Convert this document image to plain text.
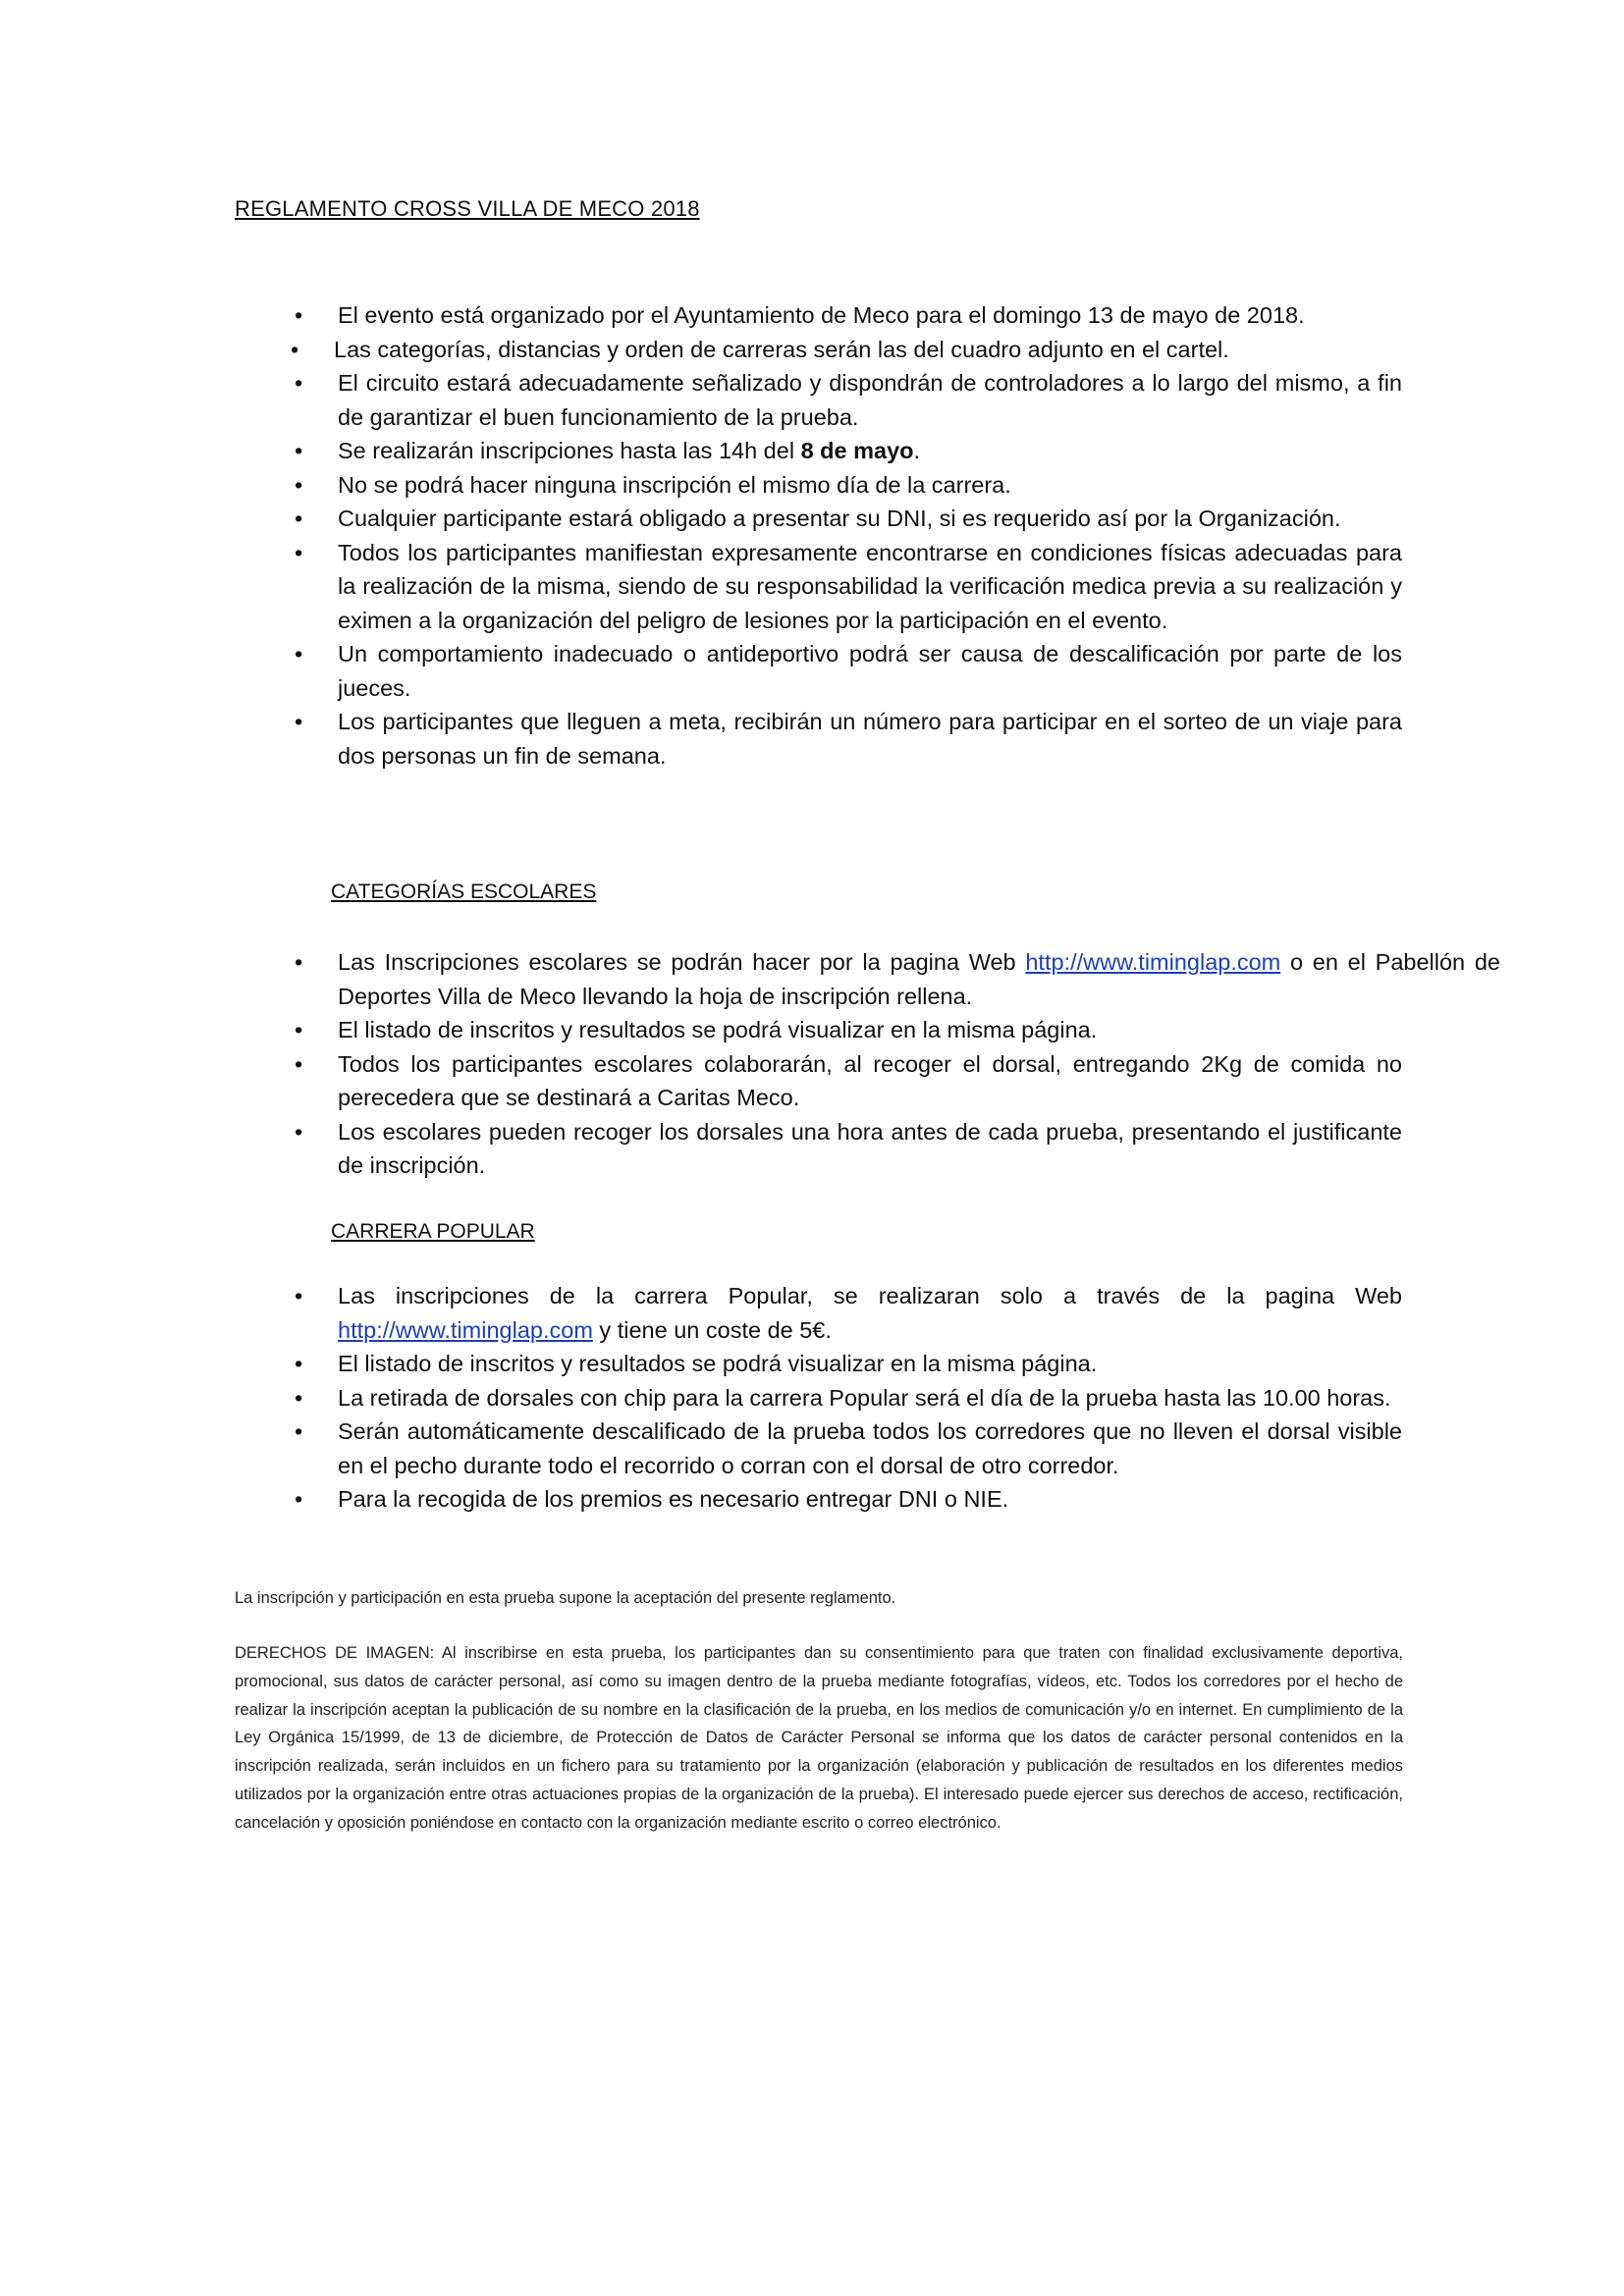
REGLAMENTO CROSS VILLA DE MECO 2018
• El evento está organizado por el Ayuntamiento de Meco para el domingo 13 de mayo de 2018.
• Las categorías, distancias y orden de carreras serán las del cuadro adjunto en el cartel.
• El circuito estará adecuadamente señalizado y dispondrán de controladores a lo largo del mismo, a fin de garantizar el buen funcionamiento de la prueba.
• Se realizarán inscripciones hasta las 14h del 8 de mayo.
• No se podrá hacer ninguna inscripción el mismo día de la carrera.
• Cualquier participante estará obligado a presentar su DNI, si es requerido así por la Organización.
• Todos los participantes manifiestan expresamente encontrarse en condiciones físicas adecuadas para la realización de la misma, siendo de su responsabilidad la verificación medica previa a su realización y eximen a la organización del peligro de lesiones por la participación en el evento.
• Un comportamiento inadecuado o antideportivo podrá ser causa de descalificación por parte de los jueces.
• Los participantes que lleguen a meta, recibirán un número para participar en el sorteo de un viaje para dos personas un fin de semana.
CATEGORÍAS ESCOLARES
• Las Inscripciones escolares se podrán hacer por la pagina Web http://www.timinglap.com o en el Pabellón de Deportes Villa de Meco llevando la hoja de inscripción rellena.
• El listado de inscritos y resultados se podrá visualizar en la misma página.
• Todos los participantes escolares colaborarán, al recoger el dorsal, entregando 2Kg de comida no perecedera que se destinará a Caritas Meco.
• Los escolares pueden recoger los dorsales una hora antes de cada prueba, presentando el justificante de inscripción.
CARRERA POPULAR
• Las inscripciones de la carrera Popular, se realizaran solo a través de la pagina Web http://www.timinglap.com y tiene un coste de 5€.
• El listado de inscritos y resultados se podrá visualizar en la misma página.
• La retirada de dorsales con chip para la carrera Popular será el día de la prueba hasta las 10.00 horas.
• Serán automáticamente descalificado de la prueba todos los corredores que no lleven el dorsal visible en el pecho durante todo el recorrido o corran con el dorsal de otro corredor.
• Para la recogida de los premios es necesario entregar DNI o NIE.

La inscripción y participación en esta prueba supone la aceptación del presente reglamento.

DERECHOS DE IMAGEN: Al inscribirse en esta prueba, los participantes dan su consentimiento para que traten con finalidad exclusivamente deportiva, promocional, sus datos de carácter personal, así como su imagen dentro de la prueba mediante fotografías, vídeos, etc. Todos los corredores por el hecho de realizar la inscripción aceptan la publicación de su nombre en la clasificación de la prueba, en los medios de comunicación y/o en internet. En cumplimiento de la Ley Orgánica 15/1999, de 13 de diciembre, de Protección de Datos de Carácter Personal se informa que los datos de carácter personal contenidos en la inscripción realizada, serán incluidos en un fichero para su tratamiento por la organización (elaboración y publicación de resultados en los diferentes medios utilizados por la organización entre otras actuaciones propias de la organización de la prueba). El interesado puede ejercer sus derechos de acceso, rectificación, cancelación y oposición poniéndose en contacto con la organización mediante escrito o correo electrónico.
